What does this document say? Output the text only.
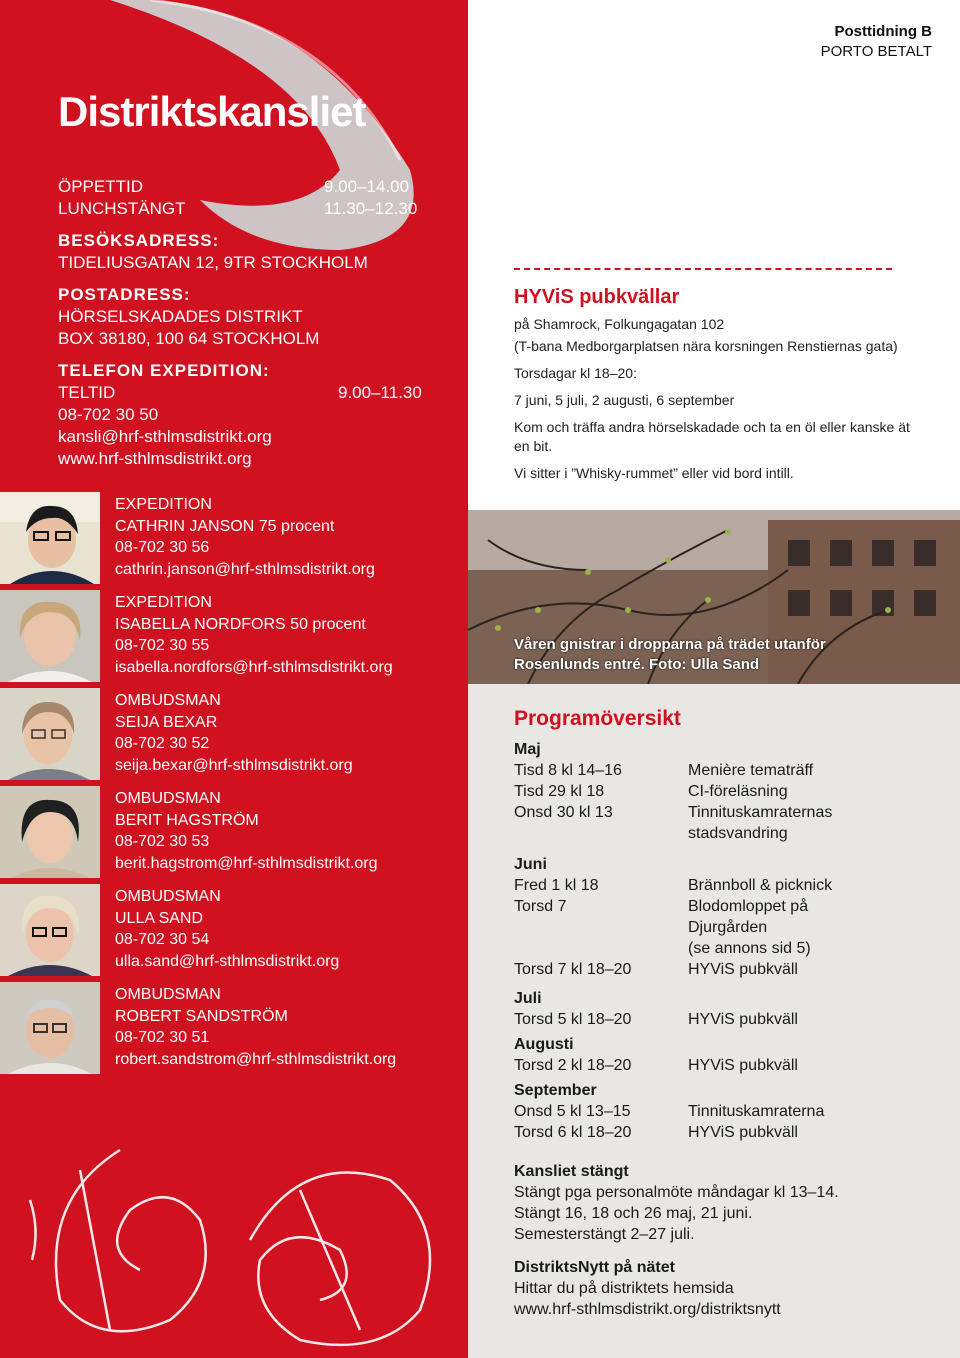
Distriktskansliet
ÖPPETTID	9.00–14.00
LUNCHSTÄNGT	11.30–12.30
BESÖKSADRESS:
TIDELIUSGATAN 12, 9TR STOCKHOLM
POSTADRESS:
HÖRSELSKADADES DISTRIKT
BOX 38180, 100 64 STOCKHOLM
TELEFON EXPEDITION:
TELTID	9.00–11.30
08-702 30 50
kansli@hrf-sthlmsdistrikt.org
www.hrf-sthlmsdistrikt.org
EXPEDITION
CATHRIN JANSON 75 procent
08-702 30 56
cathrin.janson@hrf-sthlmsdistrikt.org
EXPEDITION
ISABELLA NORDFORS 50 procent
08-702 30 55
isabella.nordfors@hrf-sthlmsdistrikt.org
OMBUDSMAN
SEIJA BEXAR
08-702 30 52
seija.bexar@hrf-sthlmsdistrikt.org
OMBUDSMAN
BERIT HAGSTRÖM
08-702 30 53
berit.hagstrom@hrf-sthlmsdistrikt.org
OMBUDSMAN
ULLA SAND
08-702 30 54
ulla.sand@hrf-sthlmsdistrikt.org
OMBUDSMAN
ROBERT SANDSTRÖM
08-702 30 51
robert.sandstrom@hrf-sthlmsdistrikt.org
Posttidning B
PORTO BETALT
HYViS pubkvällar

på Shamrock, Folkungagatan 102

(T-bana Medborgarplatsen nära korsningen Renstiernas gata)

Torsdagar kl 18–20:

7 juni, 5 juli, 2 augusti, 6 september

Kom och träffa andra hörselskadade och ta en öl eller kanske ät en bit.

Vi sitter i ”Whisky-rummet” eller vid bord intill.

Våren gnistrar i dropparna på trädet utanför
Rosenlunds entré. Foto: Ulla Sand
Programöversikt
Maj
Tisd 8 kl 14–16	Menière tematräff
Tisd 29 kl 18	CI-föreläsning
Onsd 30 kl 13	Tinnituskamraternas
stadsvandring
Juni
Fred 1 kl 18	Brännboll & picknick
Torsd 7	Blodomloppet på
Djurgården
(se annons sid 5)
Torsd 7 kl 18–20	HYViS pubkväll
Juli
Torsd 5 kl 18–20	HYViS pubkväll
Augusti
Torsd 2 kl 18–20	HYViS pubkväll
September
Onsd 5 kl 13–15	Tinnituskamraterna
Torsd 6 kl 18–20	HYViS pubkväll
Kansliet stängt
Stängt pga personalmöte måndagar kl 13–14.
Stängt 16, 18 och 26 maj, 21 juni.
Semesterstängt 2–27 juli.
DistriktsNytt på nätet
Hittar du på distriktets hemsida
www.hrf-sthlmsdistrikt.org/distriktsnytt
